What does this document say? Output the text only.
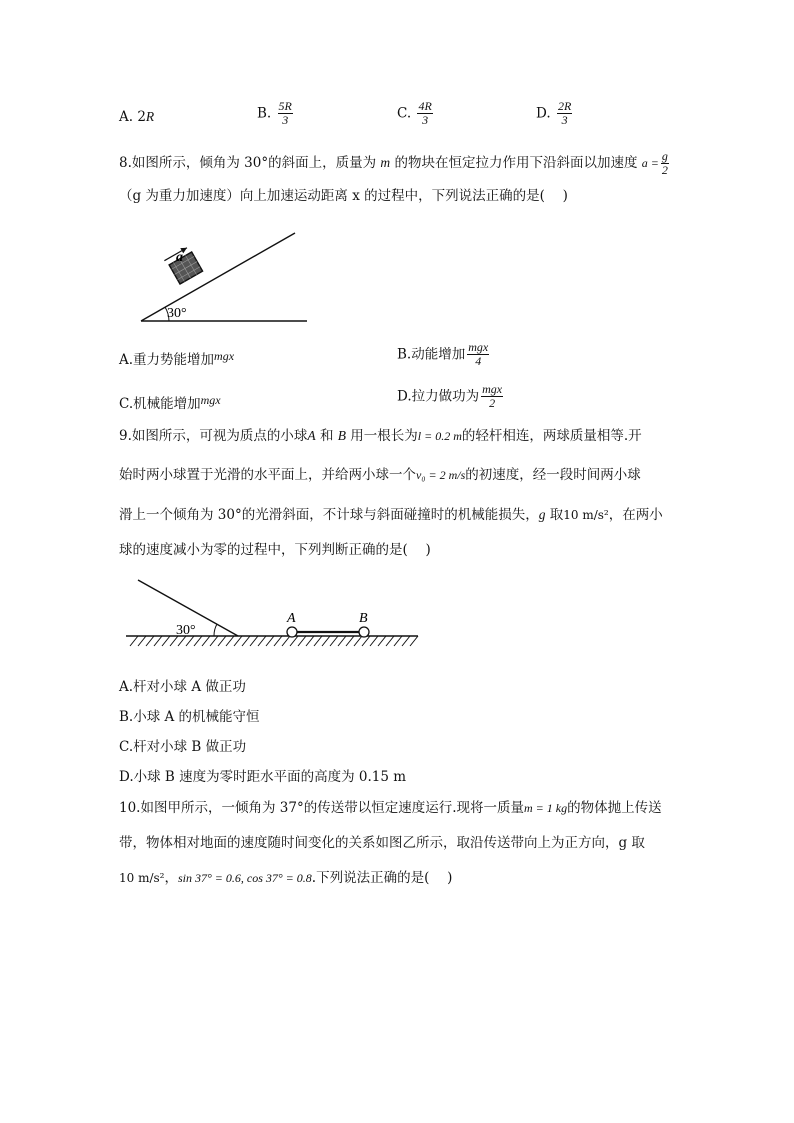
A. 2R	B. $\frac{5R}{3}$	C. $\frac{4R}{3}$	D. $\frac{2R}{3}$
8.如图所示，倾角为 30°的斜面上，质量为 m 的物块在恒定拉力作用下沿斜面以加速度 $a = \frac{g}{2}$
（g 为重力加速度）向上加速运动距离 x 的过程中，下列说法正确的是(　 )
30°
a
A.重力势能增加mgx	B.动能增加 $\frac{\text{mgx}}{4}$
C.机械能增加mgx	D.拉力做功为 $\frac{\text{mgx}}{2}$
9.如图所示，可视为质点的小球A 和 B 用一根长为l = 0.2 m的轻杆相连，两球质量相等.开
始时两小球置于光滑的水平面上，并给两小球一个v₀ = 2 m/s的初速度，经一段时间两小球
滑上一个倾角为 30°的光滑斜面，不计球与斜面碰撞时的机械能损失，g 取10 m/s²，在两小
球的速度减小为零的过程中，下列判断正确的是(　 )
30°
A	B
A.杆对小球 A 做正功
B.小球 A 的机械能守恒
C.杆对小球 B 做正功
D.小球 B 速度为零时距水平面的高度为 0.15 m
10.如图甲所示，一倾角为 37°的传送带以恒定速度运行.现将一质量m = 1 kg的物体抛上传送
带，物体相对地面的速度随时间变化的关系如图乙所示，取沿传送带向上为正方向，g 取
10 m/s²，sin 37° = 0.6, cos 37° = 0.8.下列说法正确的是(　 )
